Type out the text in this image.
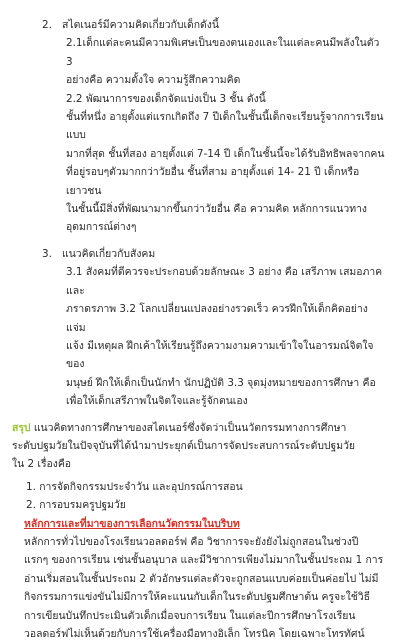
2. สไตเนอร์มีความคิดเกี่ยวกับเด็กดังนี้

2.1เด็กแต่ละคนมีความพิเศษเป็นของตนเองและในแต่ละคนมีพลังในตัว 3

อย่างคือ ความตั้งใจ ความรู้สึกความคิด

2.2 พัฒนาการของเด็กจัดแบ่งเป็น 3 ชั้น ดังนี้

ชั้นที่หนึ่ง อายุตั้งแต่แรกเกิดถึง 7 ปีเด็กในชั้นนี้เด็กจะเรียนรู้จากการเรียนแบบ

มากที่สุด ชั้นที่สอง อายุตั้งแต่ 7-14 ปี เด็กในชั้นนี้จะได้รับอิทธิพลจากคน

ที่อยู่รอบๆตัวมากกว่าวัยอื่น ชั้นที่สาม อายุตั้งแต่ 14- 21 ปี เด็กหรือเยาวชน

ในชั้นนี้มีสิ่งที่พัฒนามากขึ้นกว่าวัยอื่น คือ ความคิด หลักการแนวทาง

อุดมการณ์ต่างๆ

3. แนวคิดเกี่ยวกับสังคม

3.1 สังคมที่ดีควรจะประกอบด้วยลักษณะ 3 อย่าง คือ เสรีภาพ เสมอภาค และ

ภราดรภาพ 3.2 โลกเปลี่ยนแปลงอย่างรวดเร็ว ควรฝึกให้เด็กคิดอย่างแจ่ม

แจ้ง มีเหตุผล ฝึกเค้าให้เรียนรู้ถึงความงามความเข้าใจในอารมณ์จิตใจของ

มนุษย์ ฝึกให้เด็กเป็นนักทำ นักปฏิบัติ 3.3 จุดมุ่งหมายของการศึกษา คือ

เพื่อให้เด็กเสรีภาพในจิตใจและรู้จักตนเอง

สรุป แนวคิดทางการศึกษาของสไตเนอร์ซึ่งจัดว่าเป็นนวัตกรรมทางการศึกษา

ระดับปฐมวัยในปัจจุบันที่ได้นำมาประยุกต์เป็นการจัดประสบการณ์ระดับปฐมวัย

ใน 2 เรื่องคือ

1. การจัดกิจกรรมประจำวัน และอุปกรณ์การสอน

2. การอบรมครูปฐมวัย

หลักการและที่มาของการเลือกนวัตกรรมในบริบท

หลักการทั่วไปของโรงเรียนวอลดอร์ฟ คือ วิชาการจะยังยังไม่ถูกสอนในช่วงปี

แรกๆ ของการเรียน เช่นชั้นอนุบาล และมีวิชาการเพียงไม่มากในชั้นประถม 1 การ

อ่านเริ่มสอนในชั้นประถม 2 ตัวอักษรแต่ละตัวจะถูกสอนแบบค่อยเป็นค่อยไป ไม่มี

กิจกรรมการแข่งขันไม่มีการให้คะแนนกับเด็กในระดับปฐมศึกษาต้น ครูจะใช้วิธี

การเขียนบันทึกประเมินตัวเด็กเมื่อจบการเรียน ในแต่ละปีการศึกษาโรงเรียน

วอลดอร์ฟไม่เห็นด้วยกับการใช้เครื่องมือทางอิเล็ก โทรนิค โดยเฉพาะโทรทัศน์
